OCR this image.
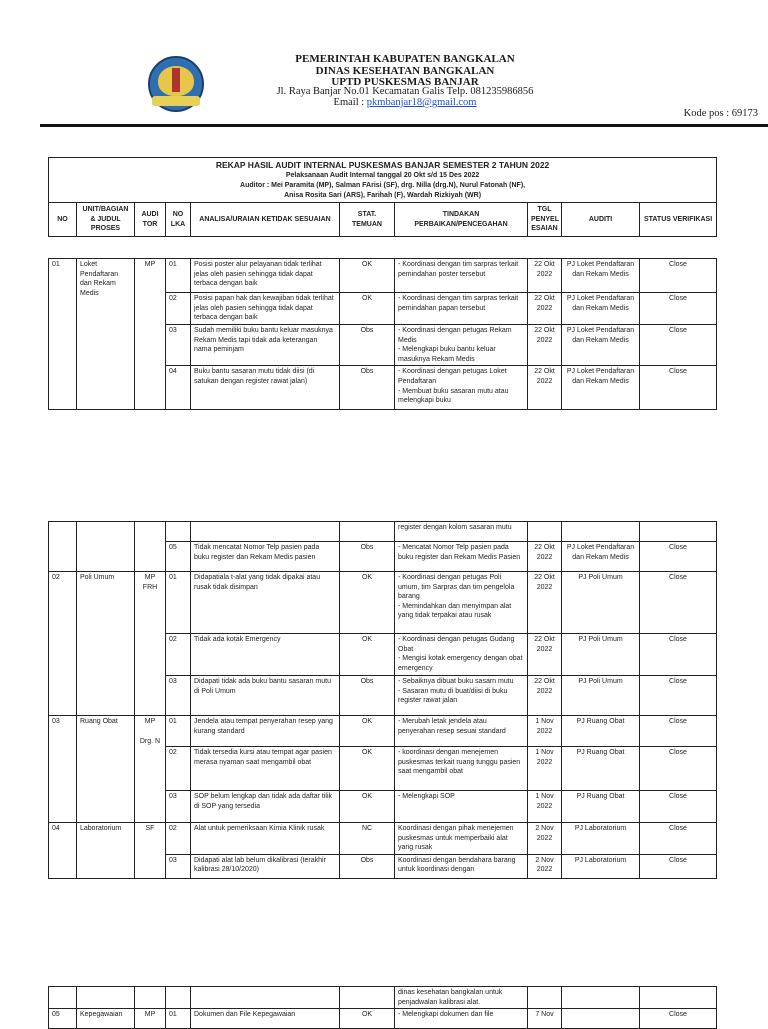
PEMERINTAH KABUPATEN BANGKALAN
DINAS KESEHATAN BANGKALAN
UPTD PUSKESMAS BANJAR
Jl. Raya Banjar No.01 Kecamatan Galis Telp. 081235986856
Email : pkmbanjar18@gmail.com
Kode pos : 69173
REKAP HASIL AUDIT INTERNAL PUSKESMAS BANJAR SEMESTER 2 TAHUN 2022
Pelaksanaan Audit Internal tanggal 20 Okt s/d 15 Des 2022
Auditor : Mei Paramita (MP), Salman FArisi (SF), drg. Nilla (drg.N), Nurul Fatonah (NF),
Anisa Rosita Sari (ARS), Farihah (F), Wardah Rizkiyah (WR)

NO	UNIT/BAGIAN & JUDUL PROSES	AUDI TOR	NO LKA	ANALISA/URAIAN KETIDAK SESUAIAN	STAT. TEMUAN	TINDAKAN PERBAIKAN/PENCEGAHAN	TGL PENYEL ESAIAN	AUDITI	STATUS VERIFIKASI
01	Loket Pendaftaran dan Rekam Medis	MP	01	Posisi poster alur pelayanan tidak terlihat jelas oleh pasien sehingga tidak dapat terbaca dengan baik	OK	- Koordinasi dengan tim sarpras terkait pemindahan poster tersebut	22 Okt 2022	PJ Loket Pendaftaran dan Rekam Medis	Close
			02	Posisi papan hak dan kewajiban tidak terlihat jelas oleh pasien sehingga tidak dapat terbaca dengan baik	OK	- Koordinasi dengan tim sarpras terkait pemindahan papan tersebut	22 Okt 2022	PJ Loket Pendaftaran dan Rekam Medis	Close
			03	Sudah memiliki buku bantu keluar masuknya Rekam Medis tapi tidak ada keterangan nama peminjam	Obs	- Koordinasi dengan petugas Rekam Medis
- Melengkapi buku bantu keluar masuknya Rekam Medis	22 Okt 2022	PJ Loket Pendaftaran dan Rekam Medis	Close
			04	Buku bantu sasaran mutu tidak diisi (di satukan dengan register rawat jalan)	Obs	- Koordinasi dengan petugas Loket Pendaftaran
- Membuat buku sasaran mutu atau melengkapi buku	22 Okt 2022	PJ Loket Pendaftaran dan Rekam Medis	Close
						register dengan kolom sasaran mutu			
			05	Tidak mencatat Nomor Telp pasien pada buku register dan Rekam Medis pasien	Obs	- Mencatat Nomor Telp pasien pada buku register dan Rekam Medis Pasien	22 Okt 2022	PJ Loket Pendaftaran dan Rekam Medis	Close
02	Poli Umum	MP FRH	01	Didapatiala t-alat yang tidak dipakai atau rusak tidak disimpan	OK	- Koordinasi dengan petugas Poli umum, tim Sarpras dan tim pengelola barang
- Memindahkan dan menyimpan alat yang tidak terpakai atau rusak	22 Okt 2022	PJ Poli Umum	Close
			02	Tidak ada kotak Emergency	OK	- Koordinasi dengan petugas Gudang Obat
- Mengisi kotak emergency dengan obat emergency	22 Okt 2022	PJ Poli Umum	Close
			03	Didapati tidak ada buku bantu sasaran mutu di Poli Umum	Obs	- Sebaiknya dibuat buku sasarn mutu
- Sasaran mutu di buat/diisi di buku register rawat jalan	22 Okt 2022	PJ Poli Umum	Close
03	Ruang Obat	MP
Drg. N	01	Jendela atau tempat penyerahan resep yang kurang standard	OK	- Merubah letak jendela atau penyerahan resep sesuai standard	1 Nov 2022	PJ Ruang Obat	Close
			02	Tidak tersedia kursi atau tempat agar pasien merasa nyaman saat mengambil obat	OK	- koordinasi dengan menejemen puskesmas terkait ruang tunggu pasien saat mengambil obat	1 Nov 2022	PJ Ruang Obat	Close
			03	SOP belum lengkap dan tidak ada daftar tilik di SOP yang tersedia	OK	- Melengkapi SOP	1 Nov 2022	PJ Ruang Obat	Close
04	Laboratorium	SF	02	Alat untuk pemeriksaan Kimia Klinik rusak	NC	Koordinasi dengan pihak menejemen puskesmas untuk memperbaiki alat yang rusak	2 Nov 2022	PJ Laboratorium	Close
			03	Didapati alat lab belum dikalibrasi (terakhir kalibrasi 28/10/2020)	Obs	Koordinasi dengan bendahara barang untuk koordinasi dengan	2 Nov 2022	PJ Laboratorium	Close
						dinas kesehatan bangkalan untuk penjadwalan kalibrasi alat.			
05	Kepegawaian	MP	01	Dokumen dan File Kepegawaian	OK	- Melengkapi dokumen dan file	7 Nov		Close
